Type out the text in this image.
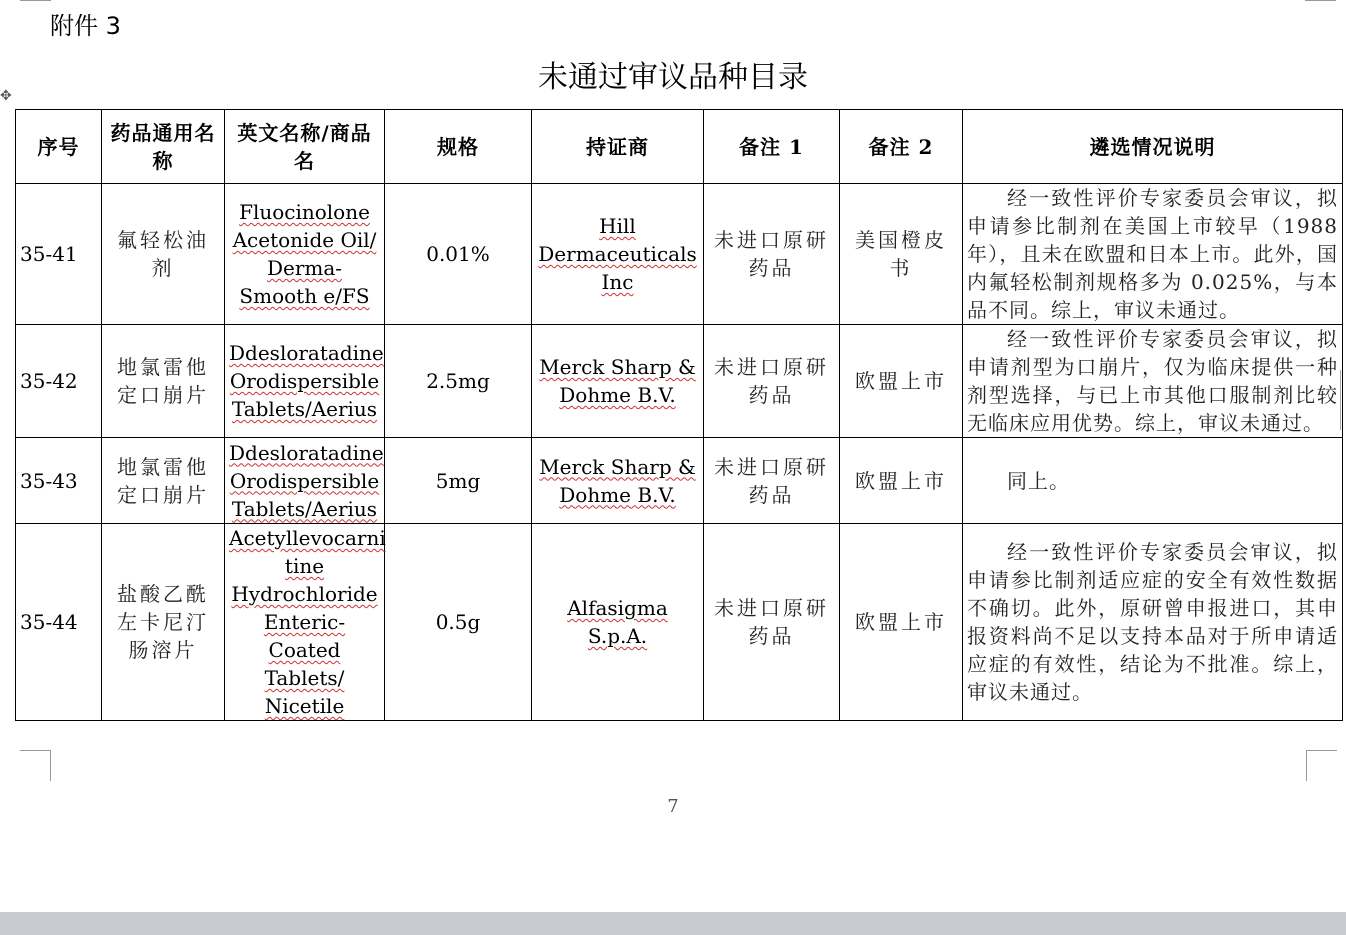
附件 3
未通过审议品种目录
✥
序号	药品通用名称	英文名称/商品名	规格	持证商	备注 1	备注 2	遴选情况说明
35-41	氟轻松油剂	Fluocinolone Acetonide Oil/ Derma-Smooth e/FS	0.01%	Hill Dermaceuticals Inc	未进口原研药品	美国橙皮书	经一致性评价专家委员会审议，拟申请参比制剂在美国上市较早（1988年），且未在欧盟和日本上市。此外，国内氟轻松制剂规格多为 0.025%，与本品不同。综上，审议未通过。

35-42	地氯雷他定口崩片	Ddesloratadine Orodispersible Tablets/Aerius	2.5mg	Merck Sharp & Dohme B.V.	未进口原研药品	欧盟上市	经一致性评价专家委员会审议，拟申请剂型为口崩片，仅为临床提供一种剂型选择，与已上市其他口服制剂比较无临床应用优势。综上，审议未通过。

35-43	地氯雷他定口崩片	Ddesloratadine Orodispersible Tablets/Aerius	5mg	Merck Sharp & Dohme B.V.	未进口原研药品	欧盟上市	同上。

35-44	盐酸乙酰左卡尼汀肠溶片	Acetyllevocarni tine Hydrochloride Enteric-Coated Tablets/ Nicetile	0.5g	Alfasigma S.p.A.	未进口原研药品	欧盟上市	经一致性评价专家委员会审议，拟申请参比制剂适应症的安全有效性数据不确切。此外，原研曾申报进口，其申报资料尚不足以支持本品对于所申请适应症的有效性，结论为不批准。综上，审议未通过。
7
